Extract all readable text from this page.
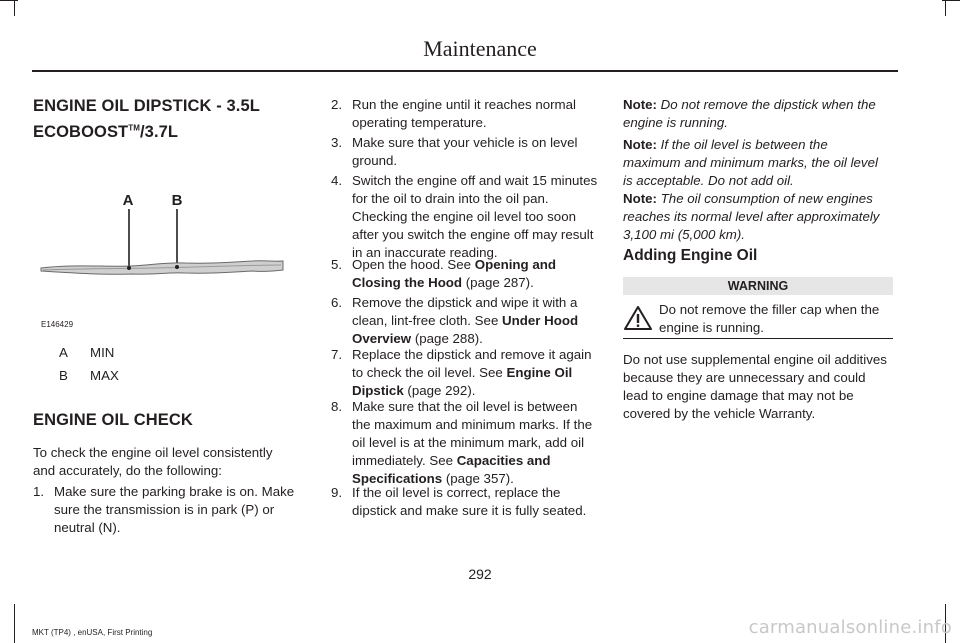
Maintenance
ENGINE OIL DIPSTICK - 3.5L
ECOBOOST™/3.7L
A	B
E146429
A MIN
B MAX
ENGINE OIL CHECK
To check the engine oil level consistently
and accurately, do the following:
1. Make sure the parking brake is on. Make
sure the transmission is in park (P) or
neutral (N).
2. Run the engine until it reaches normal
operating temperature.
3. Make sure that your vehicle is on level
ground.
4. Switch the engine off and wait 15 minutes
for the oil to drain into the oil pan.
Checking the engine oil level too soon
after you switch the engine off may result
in an inaccurate reading.
5. Open the hood. See Opening and
Closing the Hood (page 287).
6. Remove the dipstick and wipe it with a
clean, lint-free cloth. See Under Hood
Overview (page 288).
7. Replace the dipstick and remove it again
to check the oil level. See Engine Oil
Dipstick (page 292).
8. Make sure that the oil level is between
the maximum and minimum marks. If the
oil level is at the minimum mark, add oil
immediately. See Capacities and
Specifications (page 357).
9. If the oil level is correct, replace the
dipstick and make sure it is fully seated.
Note: Do not remove the dipstick when the
engine is running.
Note: If the oil level is between the
maximum and minimum marks, the oil level
is acceptable. Do not add oil.
Note: The oil consumption of new engines
reaches its normal level after approximately
3,100 mi (5,000 km).
Adding Engine Oil
WARNING
Do not remove the filler cap when the
engine is running.
Do not use supplemental engine oil additives
because they are unnecessary and could
lead to engine damage that may not be
covered by the vehicle Warranty.
292
MKT (TP4) , enUSA, First Printing	carmanualsonline.info
